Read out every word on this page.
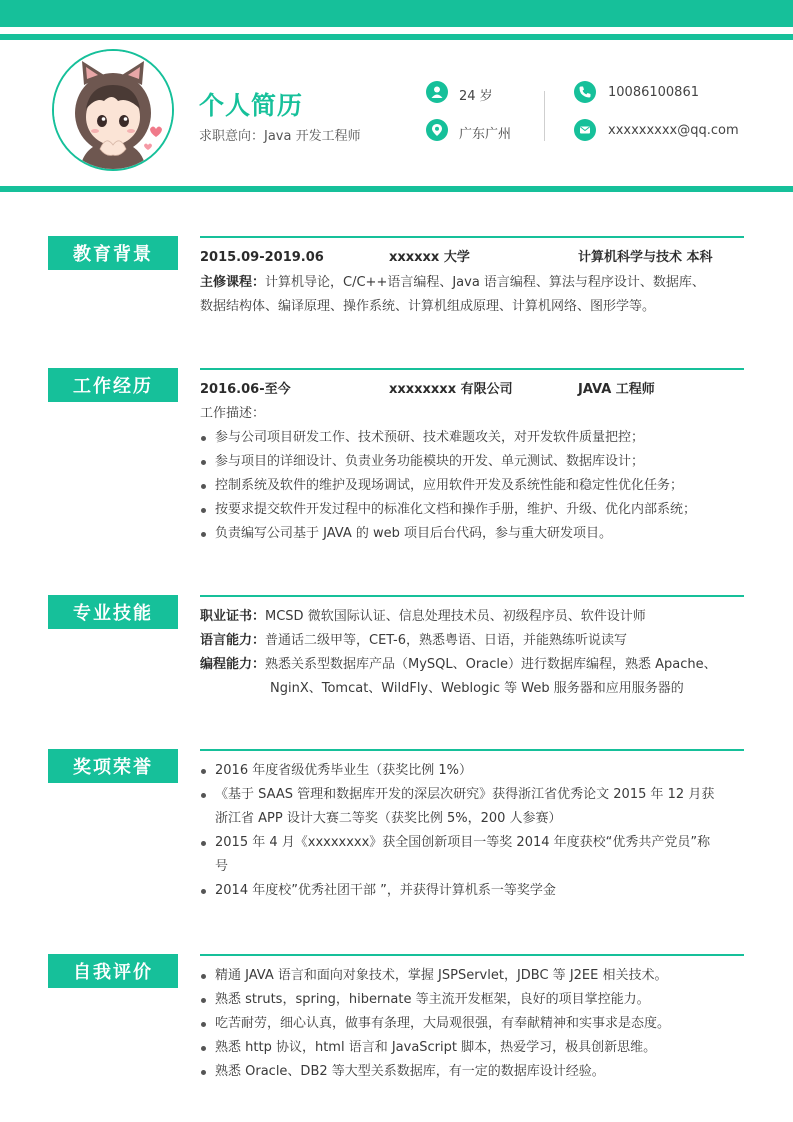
个人简历
求职意向：Java 开发工程师
24 岁
广东广州
10086100861
xxxxxxxxx@qq.com
教育背景	2015.09-2019.06	xxxxxx 大学	计算机科学与技术 本科
主修课程：计算机导论，C/C++语言编程、Java 语言编程、算法与程序设计、数据库、
数据结构体、编译原理、操作系统、计算机组成原理、计算机网络、图形学等。
工作经历	2016.06-至今	xxxxxxxx 有限公司	JAVA 工程师
工作描述：
参与公司项目研发工作、技术预研、技术难题攻关，对开发软件质量把控；
参与项目的详细设计、负责业务功能模块的开发、单元测试、数据库设计；
控制系统及软件的维护及现场调试，应用软件开发及系统性能和稳定性优化任务；
按要求提交软件开发过程中的标准化文档和操作手册，维护、升级、优化内部系统；
负责编写公司基于 JAVA 的 web 项目后台代码，参与重大研发项目。
专业技能	职业证书：MCSD 微软国际认证、信息处理技术员、初级程序员、软件设计师
语言能力：普通话二级甲等，CET-6，熟悉粤语、日语，并能熟练听说读写
编程能力：熟悉关系型数据库产品（MySQL、Oracle）进行数据库编程，熟悉 Apache、
NginX、Tomcat、WildFly、Weblogic 等 Web 服务器和应用服务器的
奖项荣誉	2016 年度省级优秀毕业生（获奖比例 1%）
《基于 SAAS 管理和数据库开发的深层次研究》获得浙江省优秀论文 2015 年 12 月获
浙江省 APP 设计大赛二等奖（获奖比例 5%，200 人参赛）
2015 年 4 月《xxxxxxxx》获全国创新项目一等奖 2014 年度获校“优秀共产党员”称
号
2014 年度校”优秀社团干部 ”，并获得计算机系一等奖学金
自我评价	精通 JAVA 语言和面向对象技术，掌握 JSPServlet，JDBC 等 J2EE 相关技术。
熟悉 struts，spring，hibernate 等主流开发框架，良好的项目掌控能力。
吃苦耐劳，细心认真，做事有条理，大局观很强，有奉献精神和实事求是态度。
熟悉 http 协议，html 语言和 JavaScript 脚本，热爱学习，极具创新思维。
熟悉 Oracle、DB2 等大型关系数据库，有一定的数据库设计经验。
